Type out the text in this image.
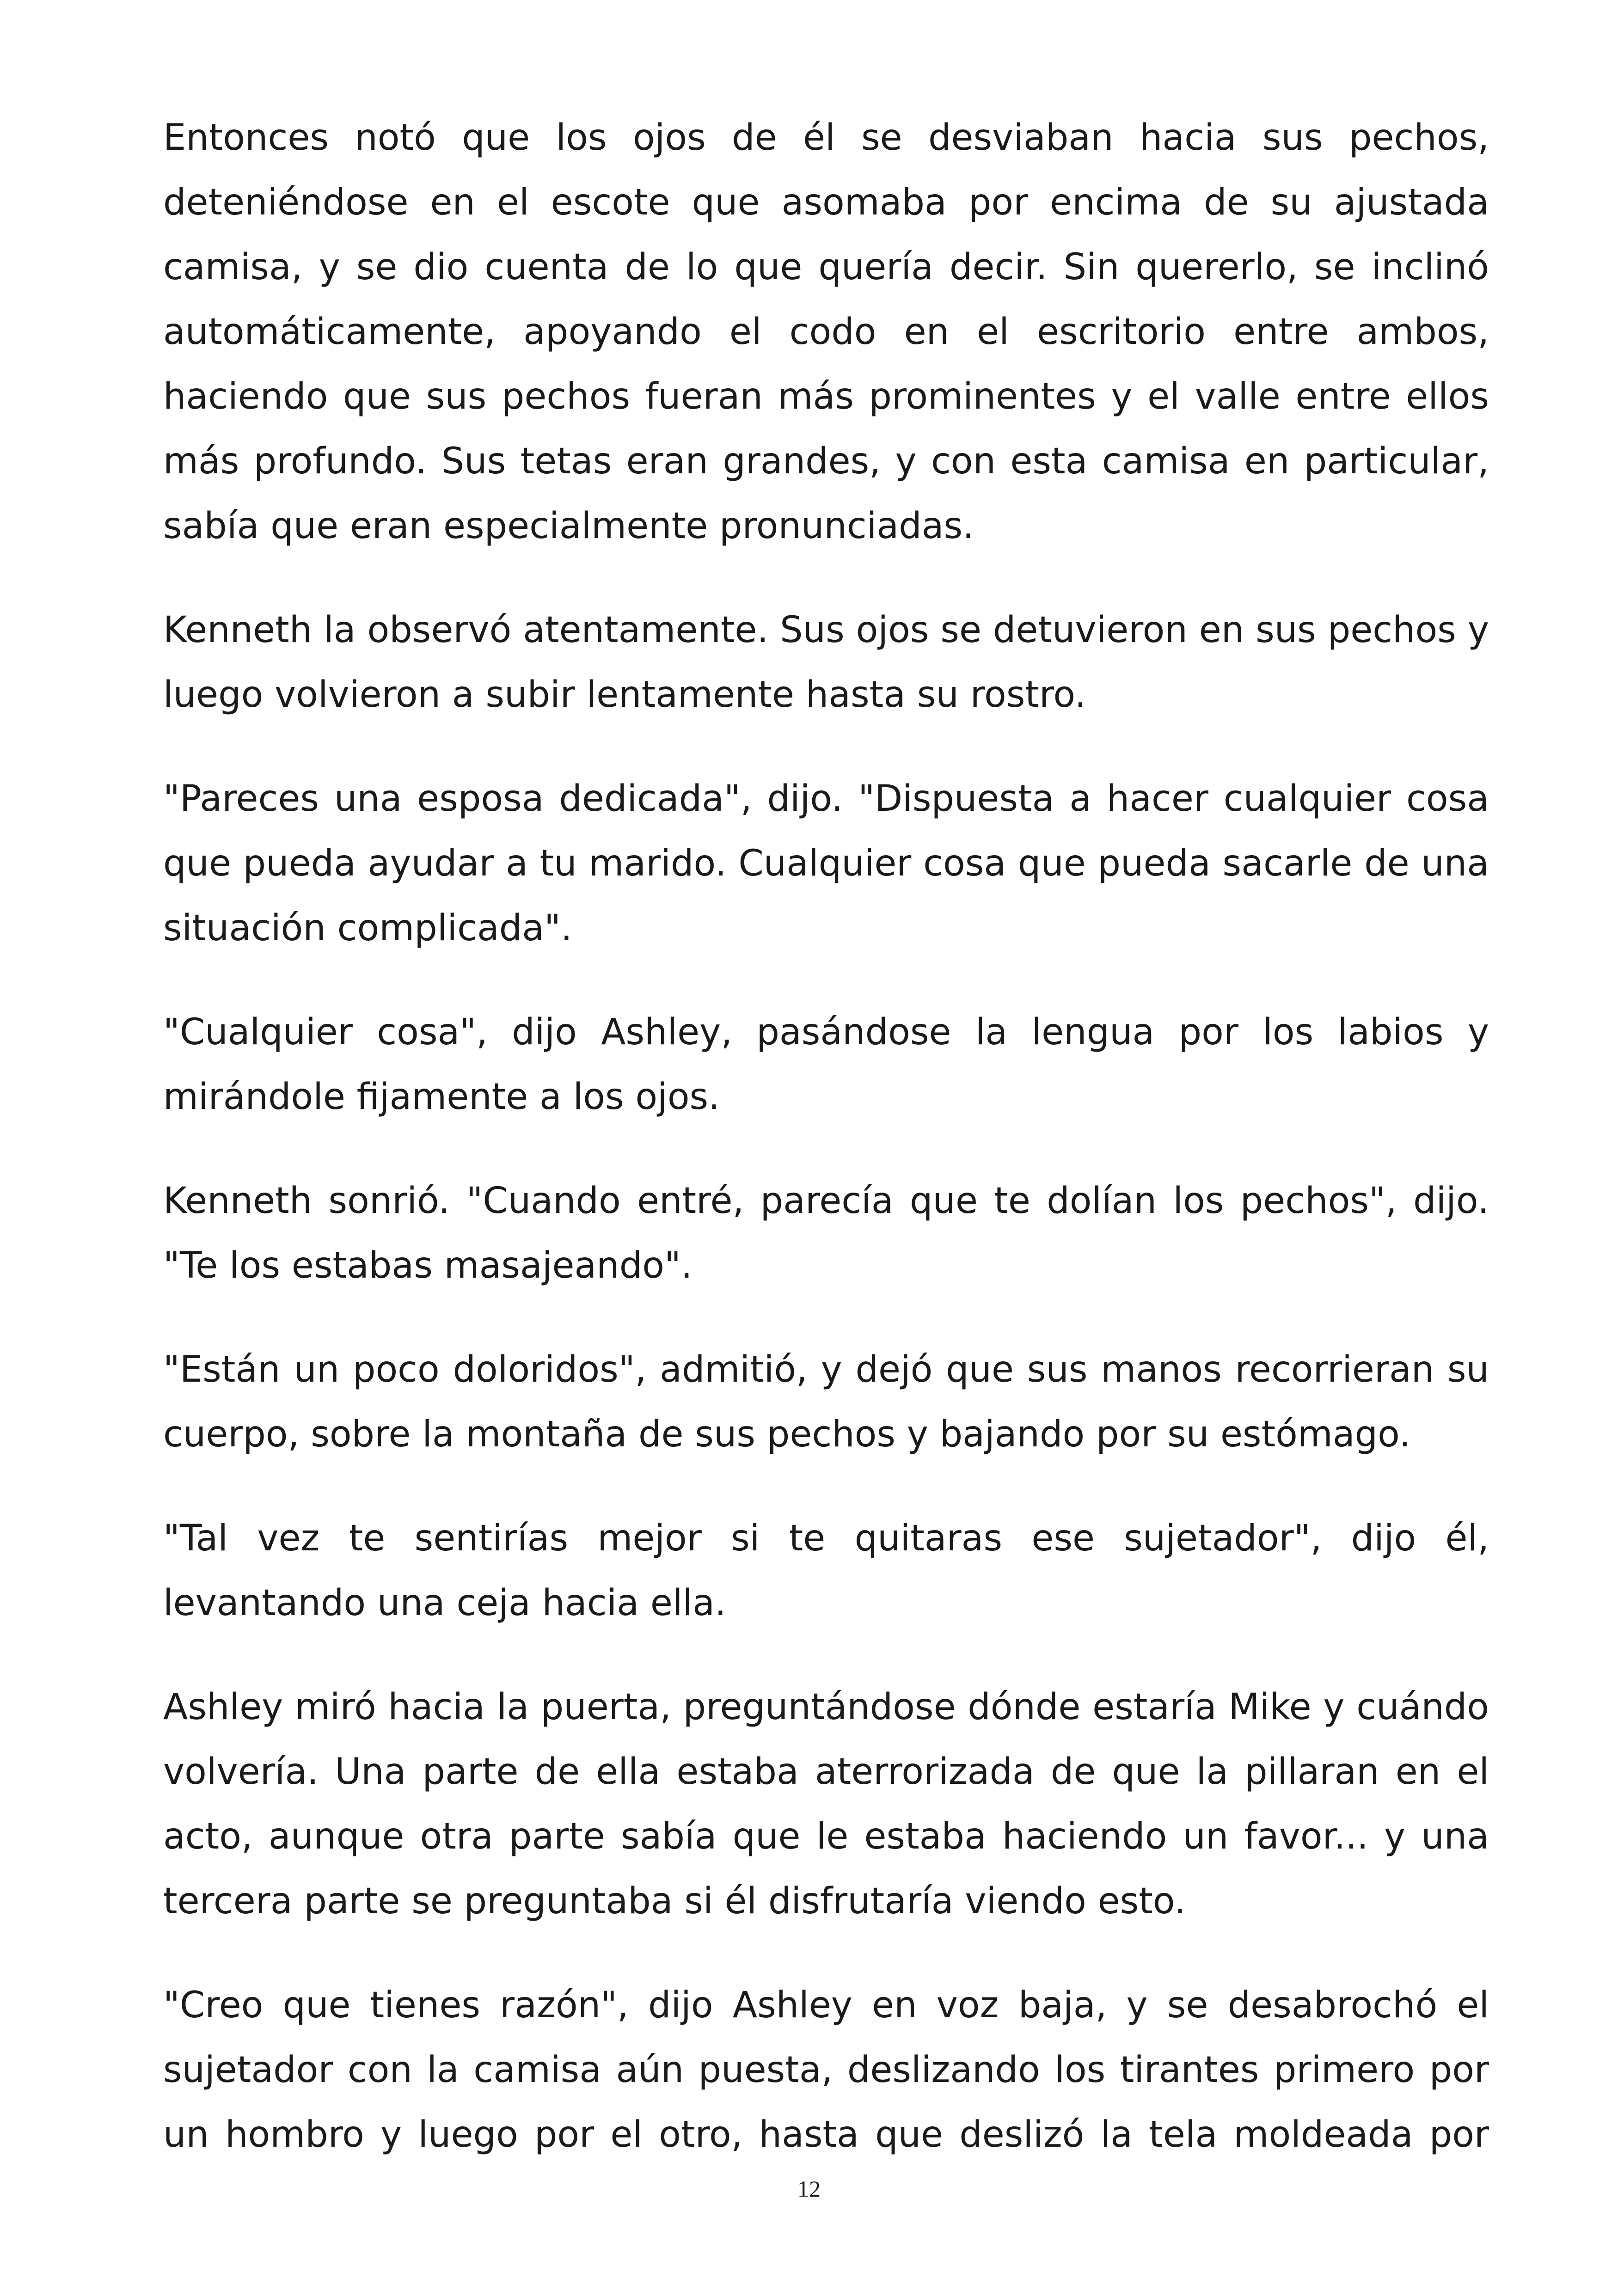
Entonces notó que los ojos de él se desviaban hacia sus pechos, deteniéndose en el escote que asomaba por encima de su ajustada camisa, y se dio cuenta de lo que quería decir. Sin quererlo, se inclinó automáticamente, apoyando el codo en el escritorio entre ambos, haciendo que sus pechos fueran más prominentes y el valle entre ellos más profundo. Sus tetas eran grandes, y con esta camisa en particular, sabía que eran especialmente pronunciadas.

Kenneth la observó atentamente. Sus ojos se detuvieron en sus pechos y luego volvieron a subir lentamente hasta su rostro.

"Pareces una esposa dedicada", dijo. "Dispuesta a hacer cualquier cosa que pueda ayudar a tu marido. Cualquier cosa que pueda sacarle de una situación complicada".

"Cualquier cosa", dijo Ashley, pasándose la lengua por los labios y mirándole fijamente a los ojos.

Kenneth sonrió. "Cuando entré, parecía que te dolían los pechos", dijo. "Te los estabas masajeando".

"Están un poco doloridos", admitió, y dejó que sus manos recorrieran su cuerpo, sobre la montaña de sus pechos y bajando por su estómago.

"Tal vez te sentirías mejor si te quitaras ese sujetador", dijo él, levantando una ceja hacia ella.

Ashley miró hacia la puerta, preguntándose dónde estaría Mike y cuándo volvería. Una parte de ella estaba aterrorizada de que la pillaran en el acto, aunque otra parte sabía que le estaba haciendo un favor... y una tercera parte se preguntaba si él disfrutaría viendo esto.

"Creo que tienes razón", dijo Ashley en voz baja, y se desabrochó el sujetador con la camisa aún puesta, deslizando los tirantes primero por un hombro y luego por el otro, hasta que deslizó la tela moldeada por

12
